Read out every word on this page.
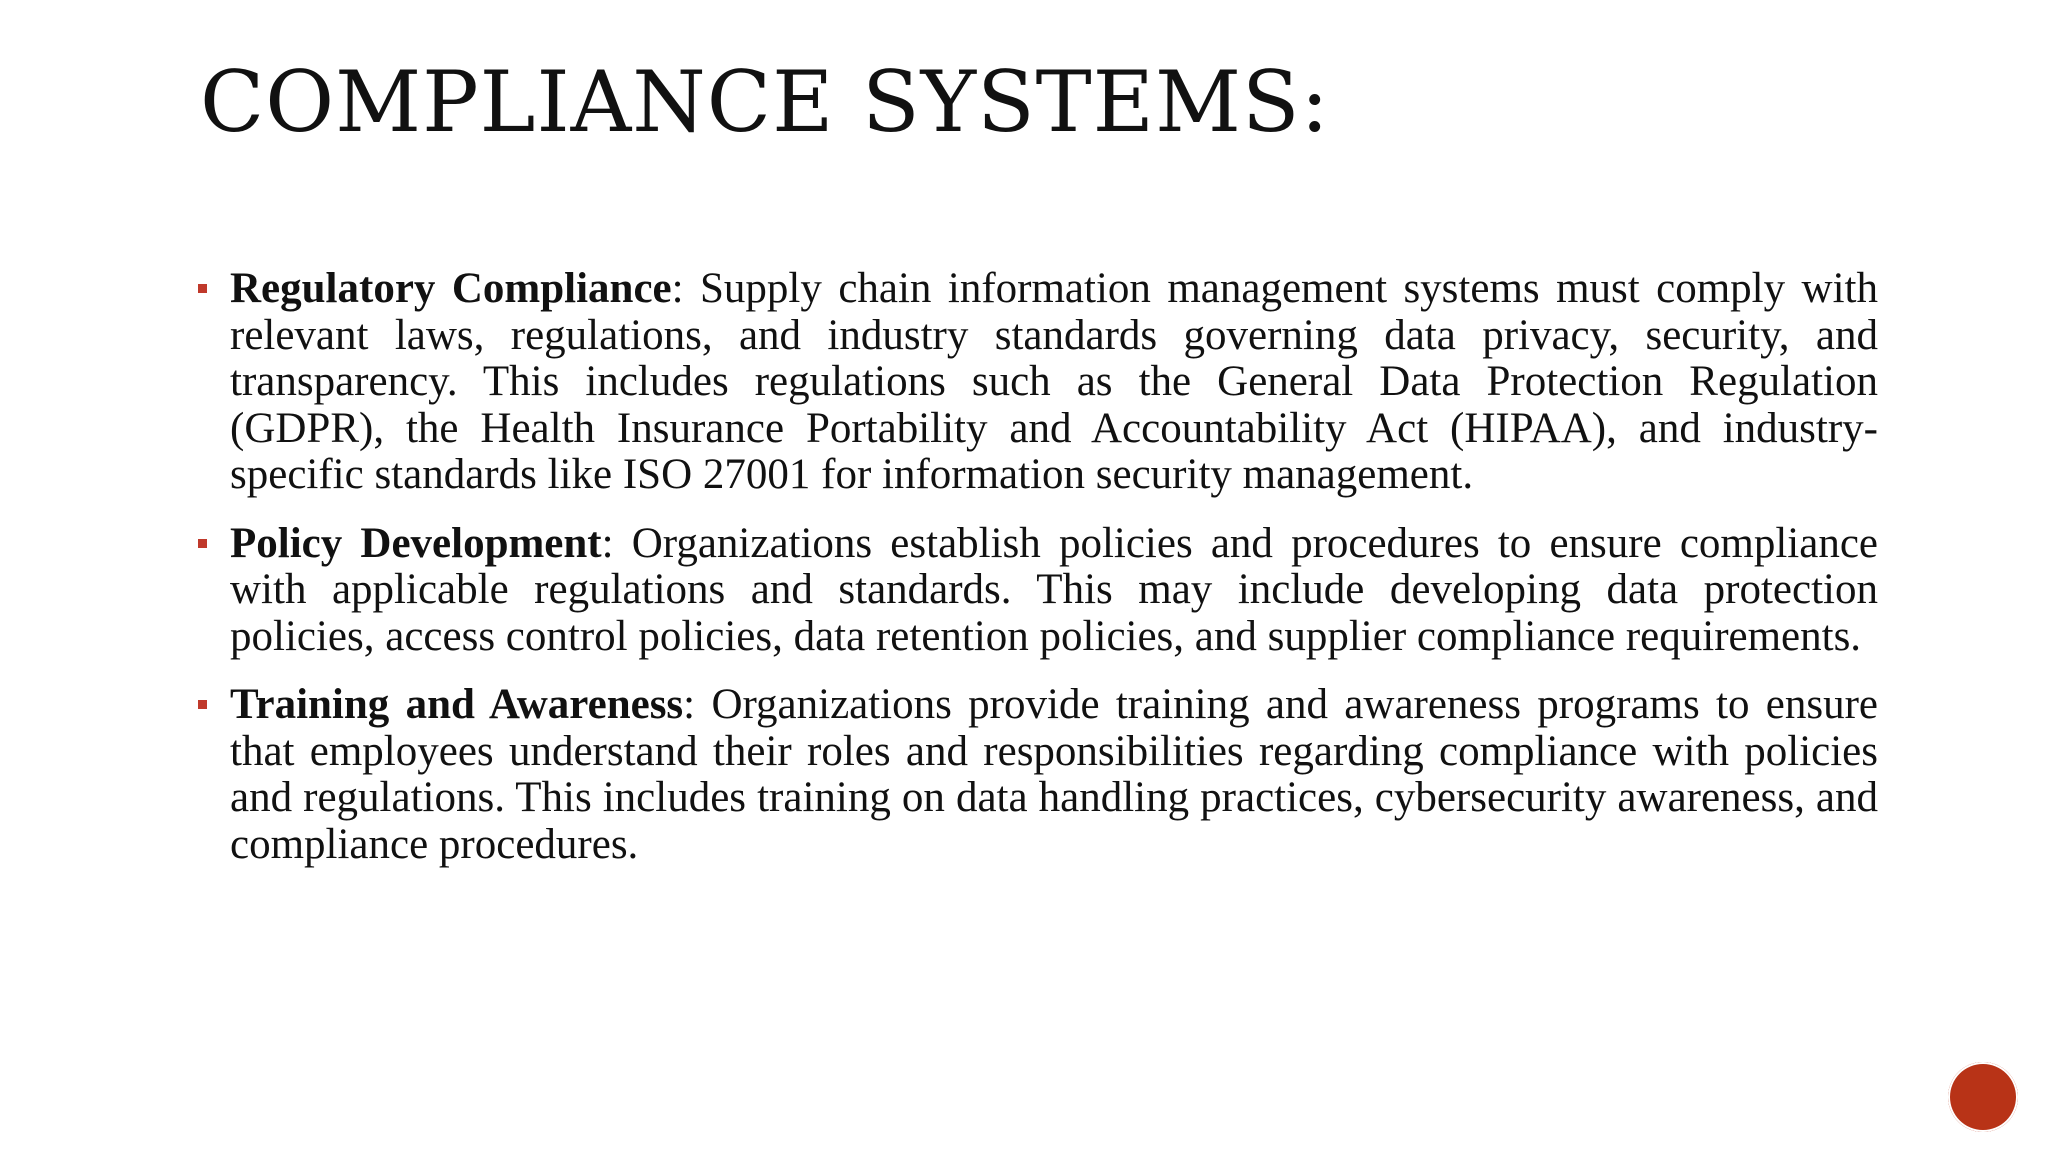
COMPLIANCE SYSTEMS:
Regulatory Compliance: Supply chain information management systems must comply with relevant laws, regulations, and industry standards governing data privacy, security, and transparency. This includes regulations such as the General Data Protection Regulation (GDPR), the Health Insurance Portability and Accountability Act (HIPAA), and industry-specific standards like ISO 27001 for information security management.
Policy Development: Organizations establish policies and procedures to ensure compliance with applicable regulations and standards. This may include developing data protection policies, access control policies, data retention policies, and supplier compliance requirements.
Training and Awareness: Organizations provide training and awareness programs to ensure that employees understand their roles and responsibilities regarding compliance with policies and regulations. This includes training on data handling practices, cybersecurity awareness, and compliance procedures.
